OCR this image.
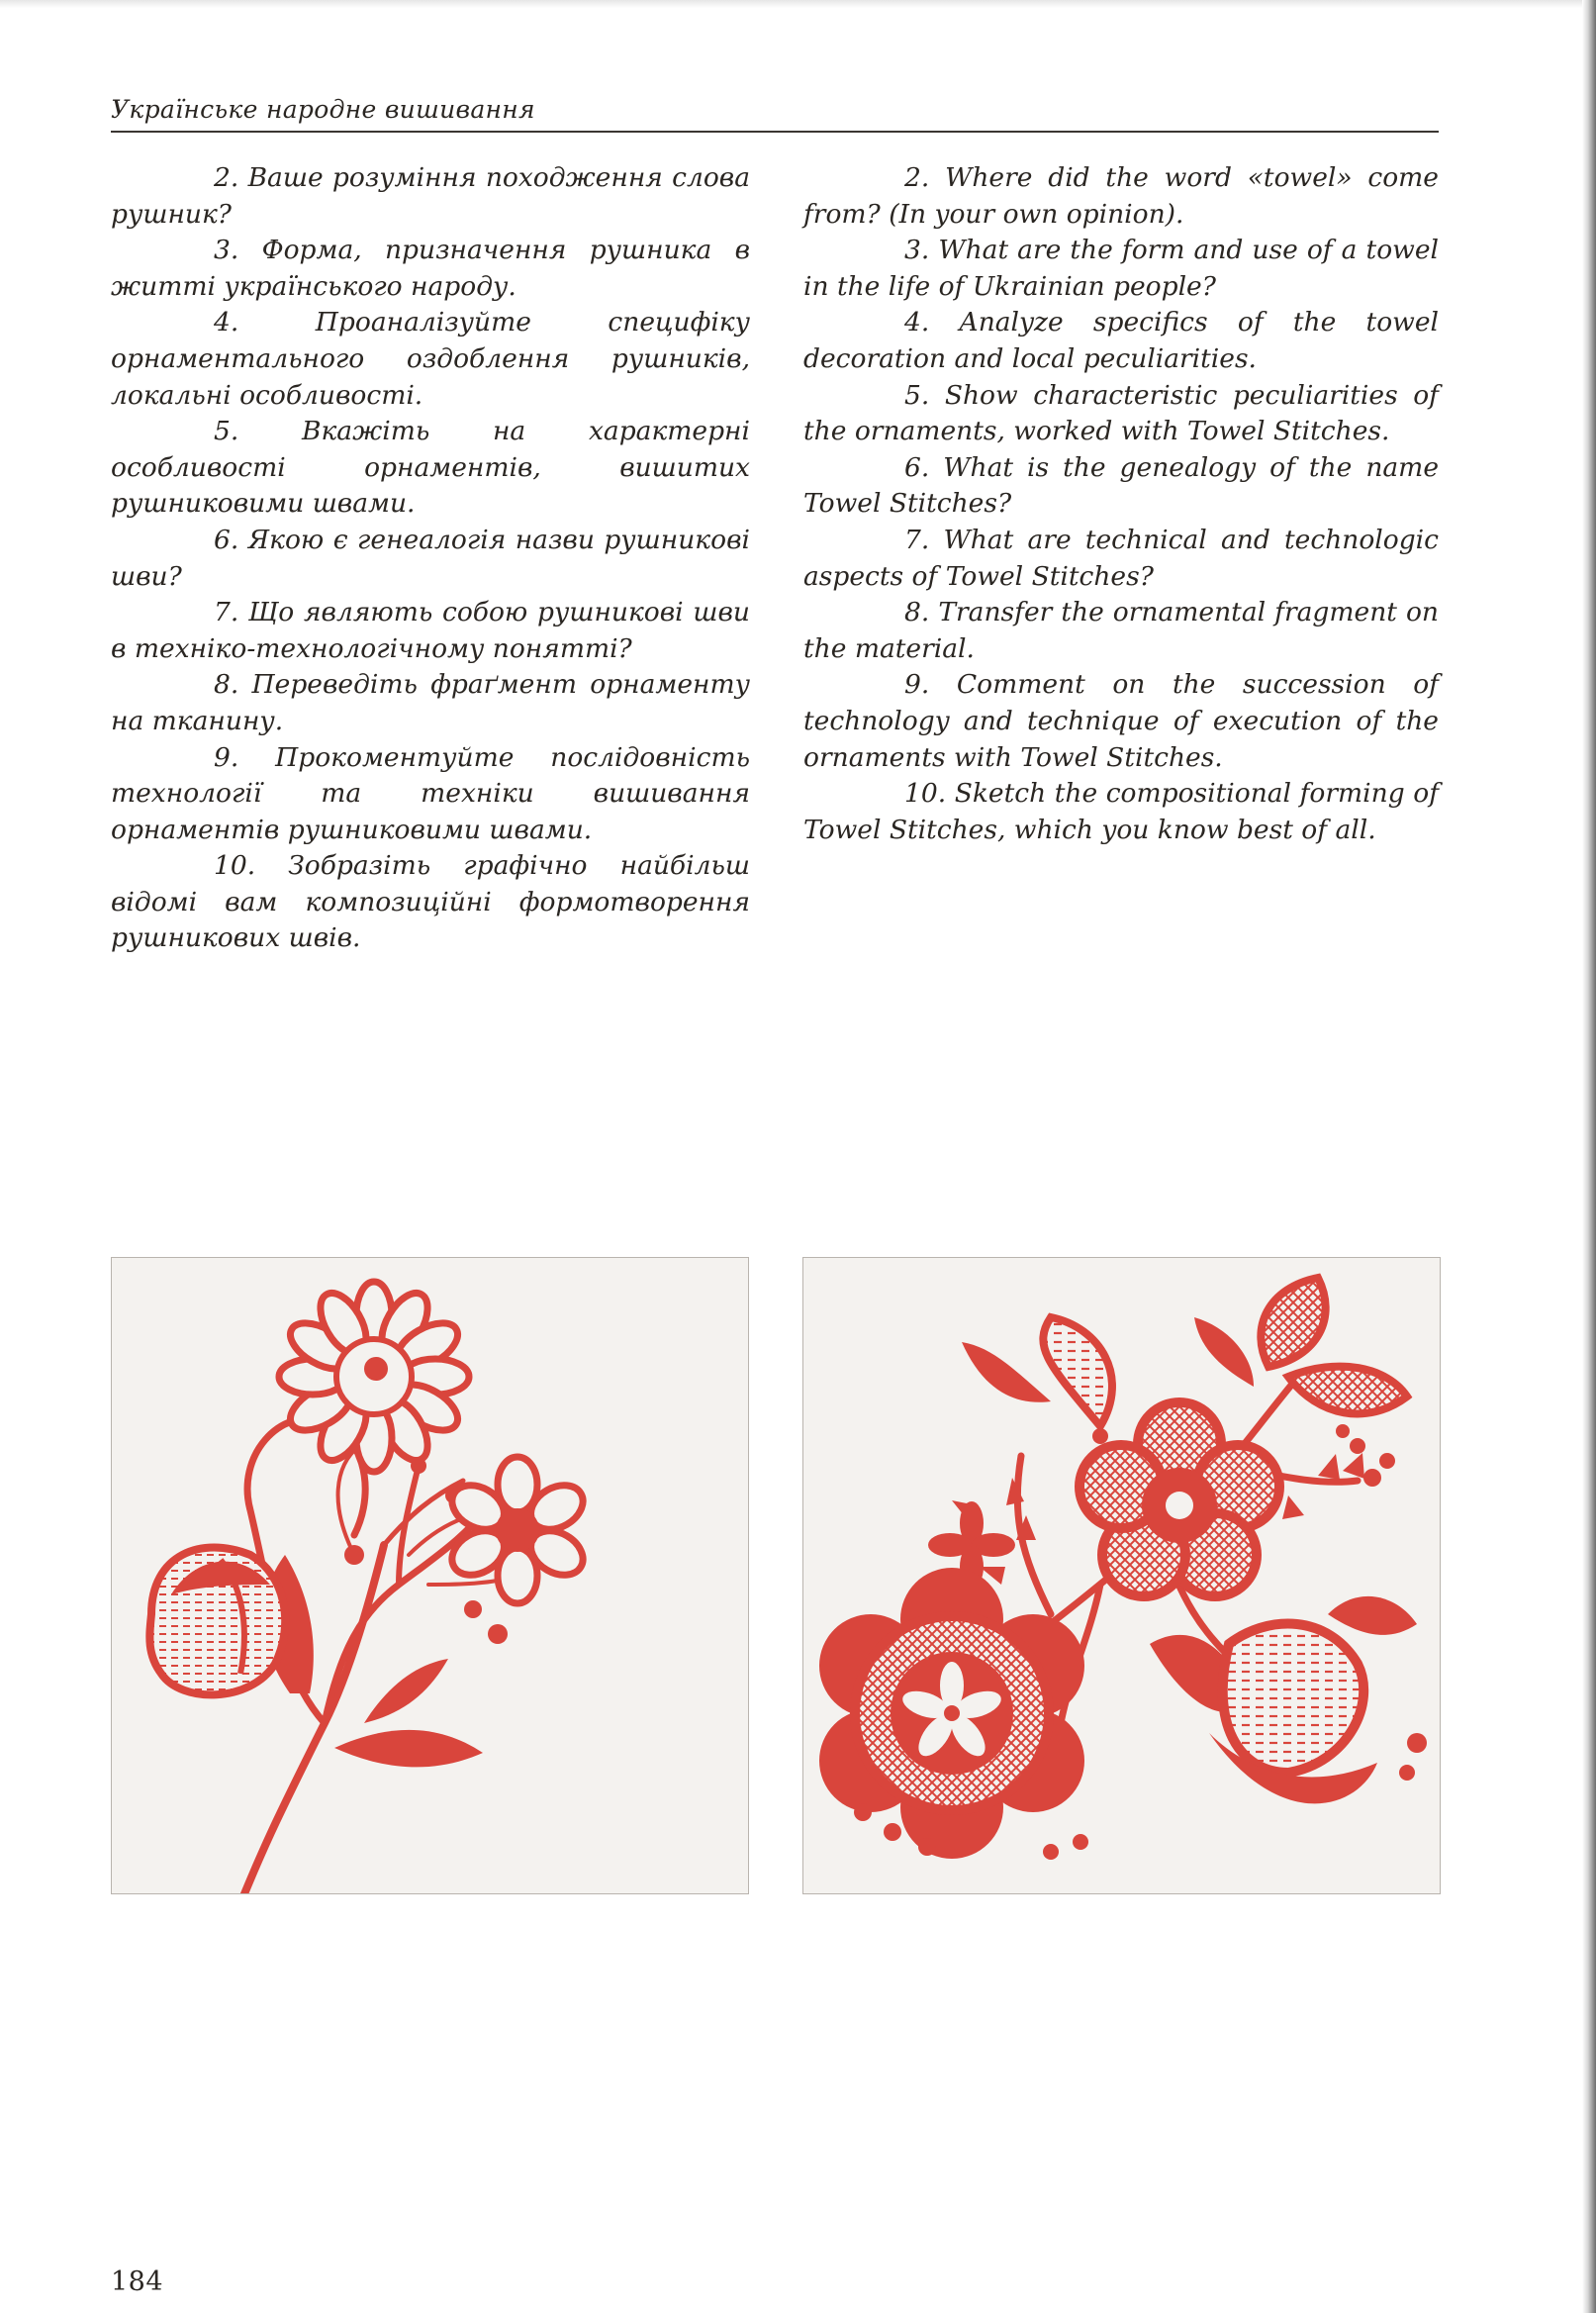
Українське народне вишивання

2. Ваше розуміння походження слова рушник?

3. Форма, призначення рушника в житті українського народу.

4. Проаналізуйте специфіку орнаментального оздоблення рушників, локальні особливості.

5. Вкажіть на характерні особливості орнаментів, вишитих рушниковими швами.

6. Якою є генеалогія назви рушникові шви?

7. Що являють собою рушникові шви в техніко-технологічному понятті?

8. Переведіть фраґмент орнаменту на тканину.

9. Прокоментуйте послідовність технології та техніки вишивання орнаментів рушниковими швами.

10. Зобразіть графічно найбільш відомі вам композиційні формотворення рушникових швів.

2. Where did the word «towel» come from? (In your own opinion).

3. What are the form and use of a towel in the life of Ukrainian people?

4. Analyze specifics of the towel decoration and local peculiarities.

5. Show characteristic peculiarities of the ornaments, worked with Towel Stitches.

6. What is the genealogy of the name Towel Stitches?

7. What are technical and technologic aspects of Towel Stitches?

8. Transfer the ornamental fragment on the material.

9. Comment on the succession of technology and technique of execution of the ornaments with Towel Stitches.

10. Sketch the compositional forming of Towel Stitches, which you know best of all.

184
